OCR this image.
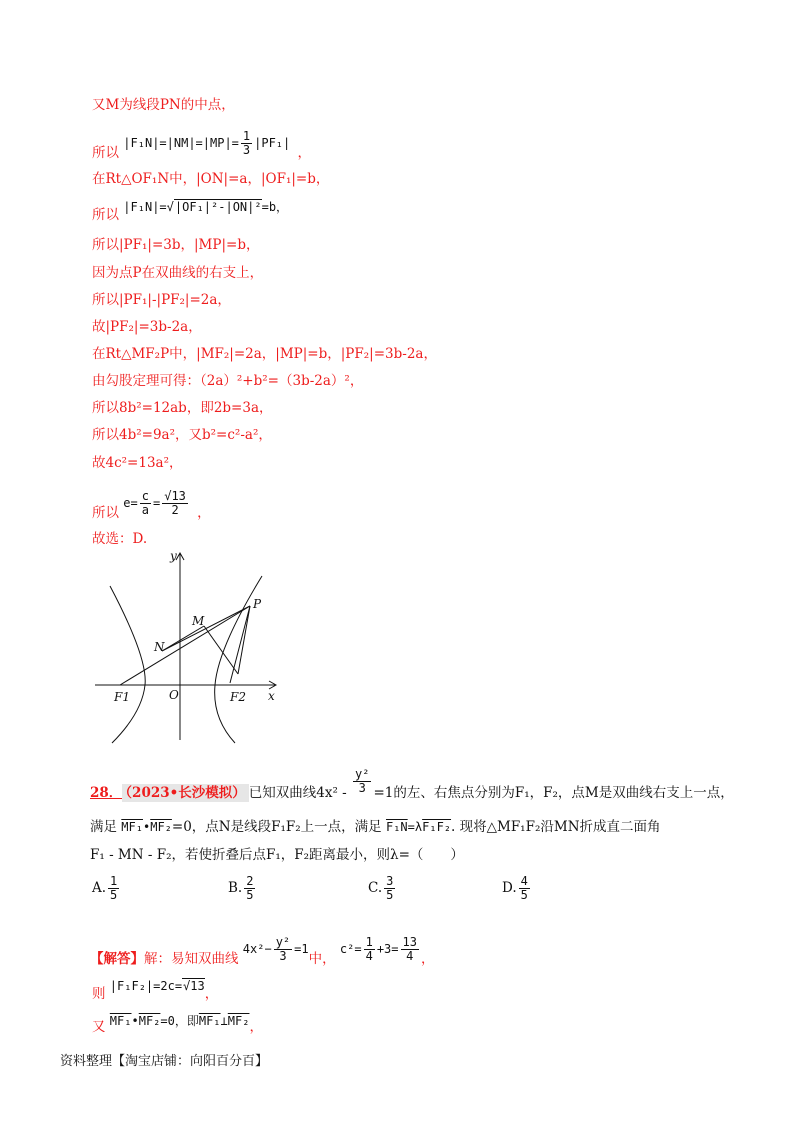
又M为线段PN的中点，
所以 $|F_1N|=|NM|=|MP|= \frac{1}{3} |PF_1|$ ，
在Rt△OF₁N中，|ON|=a，|OF₁|=b，
所以 |F₁N|=√|OF₁|²-|ON|²=b，
所以|PF₁|=3b，|MP|=b，
因为点P在双曲线的右支上，
所以|PF₁|-|PF₂|=2a，
故|PF₂|=3b-2a，
在Rt△MF₂P中，|MF₂|=2a，|MP|=b，|PF₂|=3b-2a，
由勾股定理可得：（2a）²+b²=（3b-2a）²，
所以8b²=12ab，即2b=3a，
所以4b²=9a²，又b²=c²-a²，
故4c²=13a²，
所以 $e= \frac{c}{a} = \frac{√13}{2}$ ，
故选：D.
y
x
O
P
M
N
F1	F2
28． （2023•长沙模拟） 已知双曲线$4x^2 - \frac{\text{y²}}{3} =1$的左、右焦点分别为F₁，F₂，点M是双曲线右支上一点，
满足 MF₁•MF₂=0，点N是线段F₁F₂上一点，满足 F₁N=λF₁F₂. 现将△MF₁F₂沿MN折成直二面角
F₁ - MN - F₂，若使折叠后点F₁，F₂距离最小，则λ=（　　）
A. $\frac{1}{5}$	B. $\frac{2}{5}$	C. $\frac{3}{5}$	D. $\frac{4}{5}$
【解答】解：易知双曲线 $4x^2- \frac{\text{y²}}{3} =1$中， $c^2= \frac{1}{4} +3= \frac{13}{4}$ ，
则 |F₁F₂|=2c=√13，
又 MF₁•MF₂=0，即MF₁⊥MF₂，
资料整理【淘宝店铺：向阳百分百】
